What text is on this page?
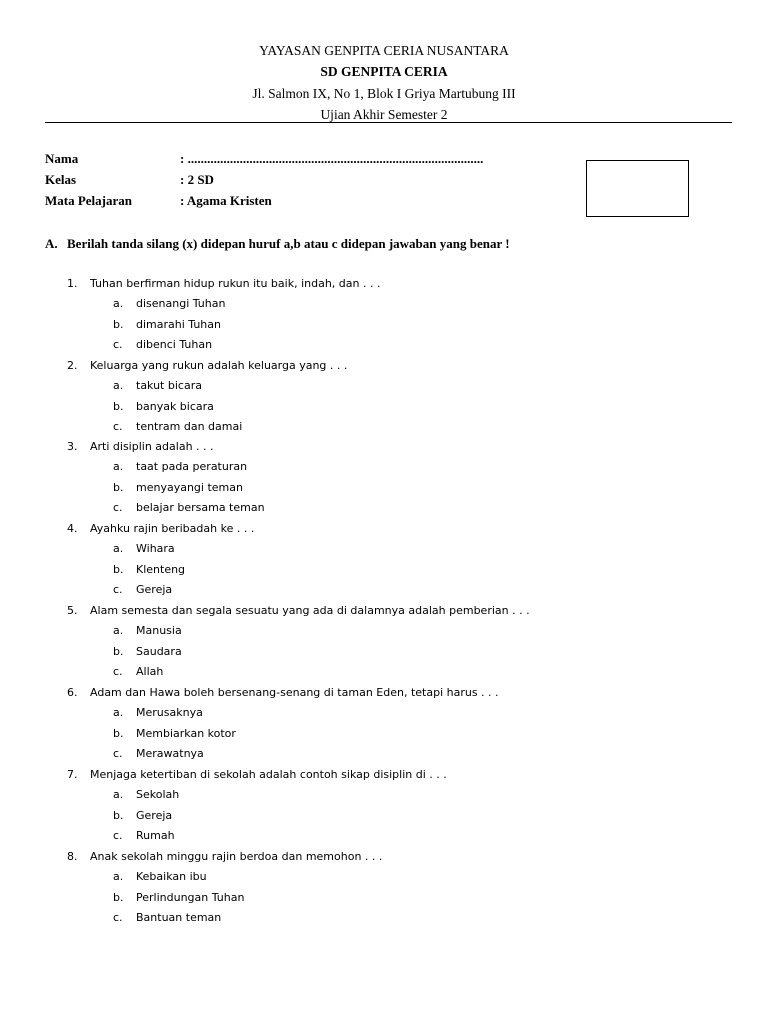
YAYASAN GENPITA CERIA NUSANTARA
SD GENPITA CERIA
Jl. Salmon IX, No 1, Blok I Griya Martubung III
Ujian Akhir Semester 2
Nama	: ...........................................................................................
Kelas	: 2 SD
Mata Pelajaran	: Agama Kristen
A. Berilah tanda silang (x) didepan huruf a,b atau c didepan jawaban yang benar !
1. Tuhan berfirman hidup rukun itu baik, indah, dan . . .
a. disenangi Tuhan
b. dimarahi Tuhan
c. dibenci Tuhan
2. Keluarga yang rukun adalah keluarga yang . . .
a. takut bicara
b. banyak bicara
c. tentram dan damai
3. Arti disiplin adalah . . .
a. taat pada peraturan
b. menyayangi teman
c. belajar bersama teman
4. Ayahku rajin beribadah ke . . .
a. Wihara
b. Klenteng
c. Gereja
5. Alam semesta dan segala sesuatu yang ada di dalamnya adalah pemberian . . .
a. Manusia
b. Saudara
c. Allah
6. Adam dan Hawa boleh bersenang-senang di taman Eden, tetapi harus . . .
a. Merusaknya
b. Membiarkan kotor
c. Merawatnya
7. Menjaga ketertiban di sekolah adalah contoh sikap disiplin di . . .
a. Sekolah
b. Gereja
c. Rumah
8. Anak sekolah minggu rajin berdoa dan memohon . . .
a. Kebaikan ibu
b. Perlindungan Tuhan
c. Bantuan teman
